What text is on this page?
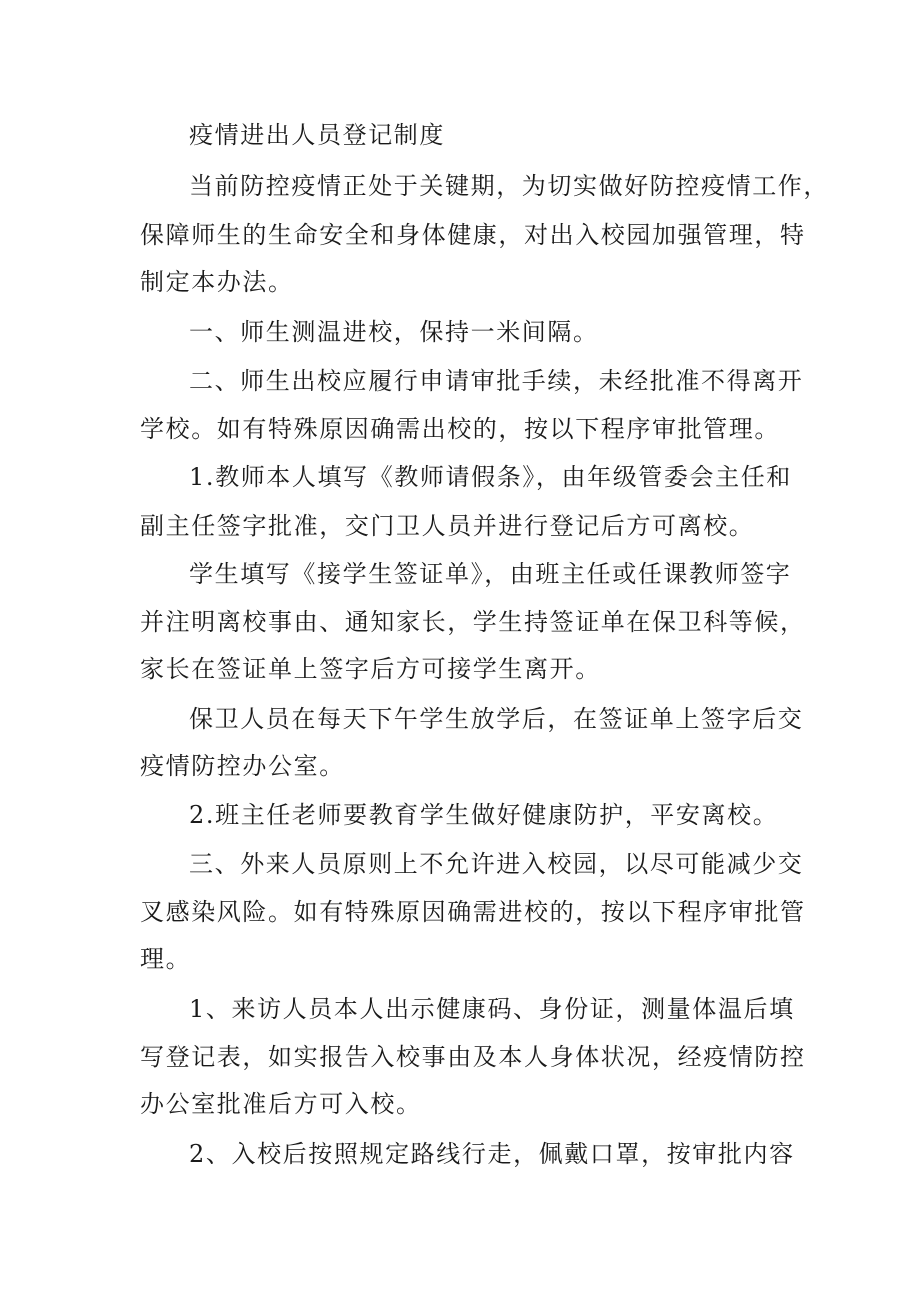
疫情进出人员登记制度
当前防控疫情正处于关键期，为切实做好防控疫情工作，
保障师生的生命安全和身体健康，对出入校园加强管理，特
制定本办法。
一、师生测温进校，保持一米间隔。
二、师生出校应履行申请审批手续，未经批准不得离开
学校。如有特殊原因确需出校的，按以下程序审批管理。
1.教师本人填写《教师请假条》，由年级管委会主任和
副主任签字批准，交门卫人员并进行登记后方可离校。
学生填写《接学生签证单》，由班主任或任课教师签字
并注明离校事由、通知家长，学生持签证单在保卫科等候，
家长在签证单上签字后方可接学生离开。
保卫人员在每天下午学生放学后，在签证单上签字后交
疫情防控办公室。
2.班主任老师要教育学生做好健康防护，平安离校。
三、外来人员原则上不允许进入校园，以尽可能减少交
叉感染风险。如有特殊原因确需进校的，按以下程序审批管
理。
1、来访人员本人出示健康码、身份证，测量体温后填
写登记表，如实报告入校事由及本人身体状况，经疫情防控
办公室批准后方可入校。
2、入校后按照规定路线行走，佩戴口罩，按审批内容
